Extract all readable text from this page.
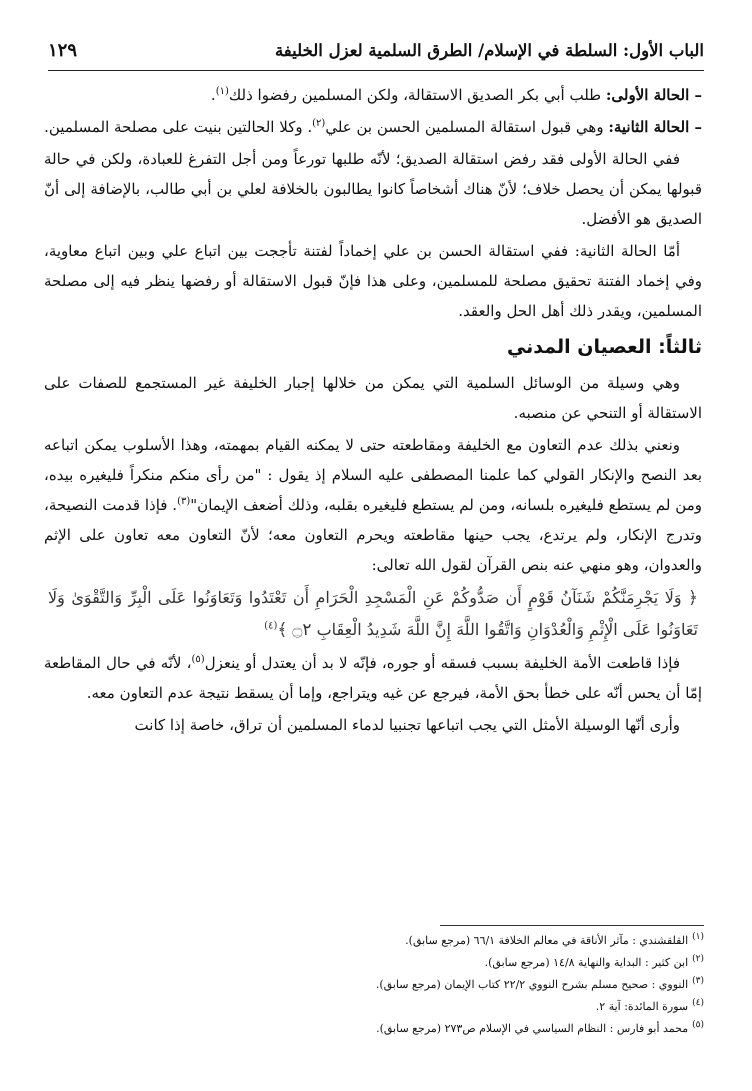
الباب الأول: السلطة في الإسلام/ الطرق السلمية لعزل الخليفة
١٢٩

– الحالة الأولى: طلب أبي بكر الصديق الاستقالة، ولكن المسلمين رفضوا ذلك$^{(١)}$.

– الحالة الثانية: وهي قبول استقالة المسلمين الحسن بن علي$^{(٢)}$. وكلا الحالتين بنيت على مصلحة المسلمين.

ففي الحالة الأولى فقد رفض استقالة الصديق؛ لأنّه طلبها تورعاً ومن أجل التفرغ للعبادة، ولكن في حالة قبولها يمكن أن يحصل خلاف؛ لأنّ هناك أشخاصاً كانوا يطالبون بالخلافة لعلي بن أبي طالب، بالإضافة إلى أنّ الصديق هو الأفضل.

أمّا الحالة الثانية: ففي استقالة الحسن بن علي إخماداً لفتنة تأججت بين اتباع علي وبين اتباع معاوية، وفي إخماد الفتنة تحقيق مصلحة للمسلمين، وعلى هذا فإنّ قبول الاستقالة أو رفضها ينظر فيه إلى مصلحة المسلمين، ويقدر ذلك أهل الحل والعقد.

ثالثاً: العصيان المدني

وهي وسيلة من الوسائل السلمية التي يمكن من خلالها إجبار الخليفة غير المستجمع للصفات على الاستقالة أو التنحي عن منصبه.

ونعني بذلك عدم التعاون مع الخليفة ومقاطعته حتى لا يمكنه القيام بمهمته، وهذا الأسلوب يمكن اتباعه بعد النصح والإنكار القولي كما علمنا المصطفى عليه السلام إذ يقول : "من رأى منكم منكراً فليغيره بيده، ومن لم يستطع فليغيره بلسانه، ومن لم يستطع فليغيره بقلبه، وذلك أضعف الإيمان"$^{(٣)}$. فإذا قدمت النصيحة، وتدرج الإنكار، ولم يرتدع، يجب حينها مقاطعته ويحرم التعاون معه؛ لأنّ التعاون معه تعاون على الإثم والعدوان، وهو منهي عنه بنص القرآن لقول الله تعالى:

﴿ وَلَا يَجْرِمَنَّكُمْ شَنَآنُ قَوْمٍ أَن صَدُّوكُمْ عَنِ الْمَسْجِدِ الْحَرَامِ أَن تَعْتَدُوا وَتَعَاوَنُوا عَلَى الْبِرِّ وَالتَّقْوَىٰ وَلَا تَعَاوَنُوا عَلَى الْإِثْمِ وَالْعُدْوَانِ وَاتَّقُوا اللَّهَ إِنَّ اللَّهَ شَدِيدُ الْعِقَابِ ۝٢ ﴾$^{(٤)}$

فإذا قاطعت الأمة الخليفة بسبب فسقه أو جوره، فإنّه لا بد أن يعتدل أو ينعزل$^{(٥)}$، لأنّه في حال المقاطعة إمّا أن يحس أنّه على خطأ بحق الأمة، فيرجع عن غيه ويتراجع، وإما أن يسقط نتيجة عدم التعاون معه.

وأرى أنّها الوسيلة الأمثل التي يجب اتباعها تجنبيا لدماء المسلمين أن تراق، خاصة إذا كانت

$^{(١)}$القلقشندي : مآثر الأناقة في معالم الخلافة ٦٦/١ (مرجع سابق).
$^{(٢)}$ابن كثير : البداية والنهاية ١٤/٨ (مرجع سابق).
$^{(٣)}$النووي : صحيح مسلم بشرح النووي ٢٢/٢ كتاب الإيمان (مرجع سابق).
$^{(٤)}$سورة المائدة: آية ٢.
$^{(٥)}$محمد أبو فارس : النظام السياسي في الإسلام ص٢٧٣ (مرجع سابق).
